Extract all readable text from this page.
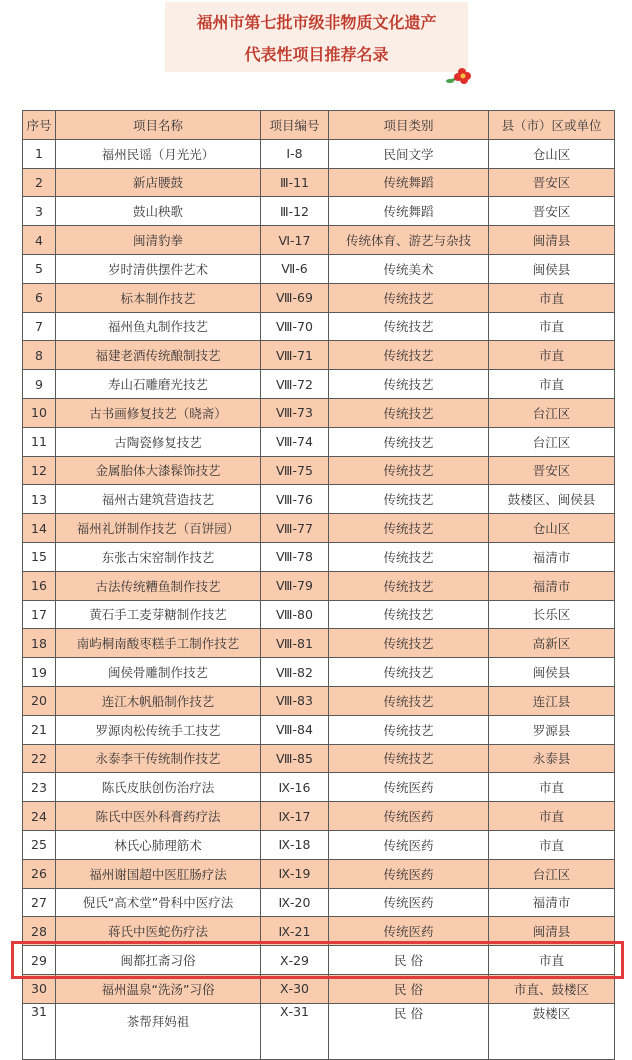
福州市第七批市级非物质文化遗产
代表性项目推荐名录
序号	项目名称	项目编号	项目类别	县（市）区或单位
1	福州民谣（月光光）	Ⅰ-8	民间文学	仓山区
2	新店腰鼓	Ⅲ-11	传统舞蹈	晋安区
3	鼓山秧歌	Ⅲ-12	传统舞蹈	晋安区
4	闽清豹拳	Ⅵ-17	传统体育、游艺与杂技	闽清县
5	岁时清供摆件艺术	Ⅶ-6	传统美术	闽侯县
6	标本制作技艺	Ⅷ-69	传统技艺	市直
7	福州鱼丸制作技艺	Ⅷ-70	传统技艺	市直
8	福建老酒传统酿制技艺	Ⅷ-71	传统技艺	市直
9	寿山石雕磨光技艺	Ⅷ-72	传统技艺	市直
10	古书画修复技艺（晓斋）	Ⅷ-73	传统技艺	台江区
11	古陶瓷修复技艺	Ⅷ-74	传统技艺	台江区
12	金属胎体大漆髹饰技艺	Ⅷ-75	传统技艺	晋安区
13	福州古建筑营造技艺	Ⅷ-76	传统技艺	鼓楼区、闽侯县
14	福州礼饼制作技艺（百饼园）	Ⅷ-77	传统技艺	仓山区
15	东张古宋窑制作技艺	Ⅷ-78	传统技艺	福清市
16	古法传统糟鱼制作技艺	Ⅷ-79	传统技艺	福清市
17	黄石手工麦芽糖制作技艺	Ⅷ-80	传统技艺	长乐区
18	南屿桐南酸枣糕手工制作技艺	Ⅷ-81	传统技艺	高新区
19	闽侯骨雕制作技艺	Ⅷ-82	传统技艺	闽侯县
20	连江木帆船制作技艺	Ⅷ-83	传统技艺	连江县
21	罗源肉松传统手工技艺	Ⅷ-84	传统技艺	罗源县
22	永泰李干传统制作技艺	Ⅷ-85	传统技艺	永泰县
23	陈氏皮肤创伤治疗法	Ⅸ-16	传统医药	市直
24	陈氏中医外科膏药疗法	Ⅸ-17	传统医药	市直
25	林氏心肺理筋术	Ⅸ-18	传统医药	市直
26	福州谢国超中医肛肠疗法	Ⅸ-19	传统医药	台江区
27	倪氏“高术堂”骨科中医疗法	Ⅸ-20	传统医药	福清市
28	蒋氏中医蛇伤疗法	Ⅸ-21	传统医药	闽清县
29	闽都扛斋习俗	Ⅹ-29	民 俗	市直
30	福州温泉“洗汤”习俗	Ⅹ-30	民 俗	市直、鼓楼区
31	茶帮拜妈祖	Ⅹ-31	民 俗	鼓楼区
